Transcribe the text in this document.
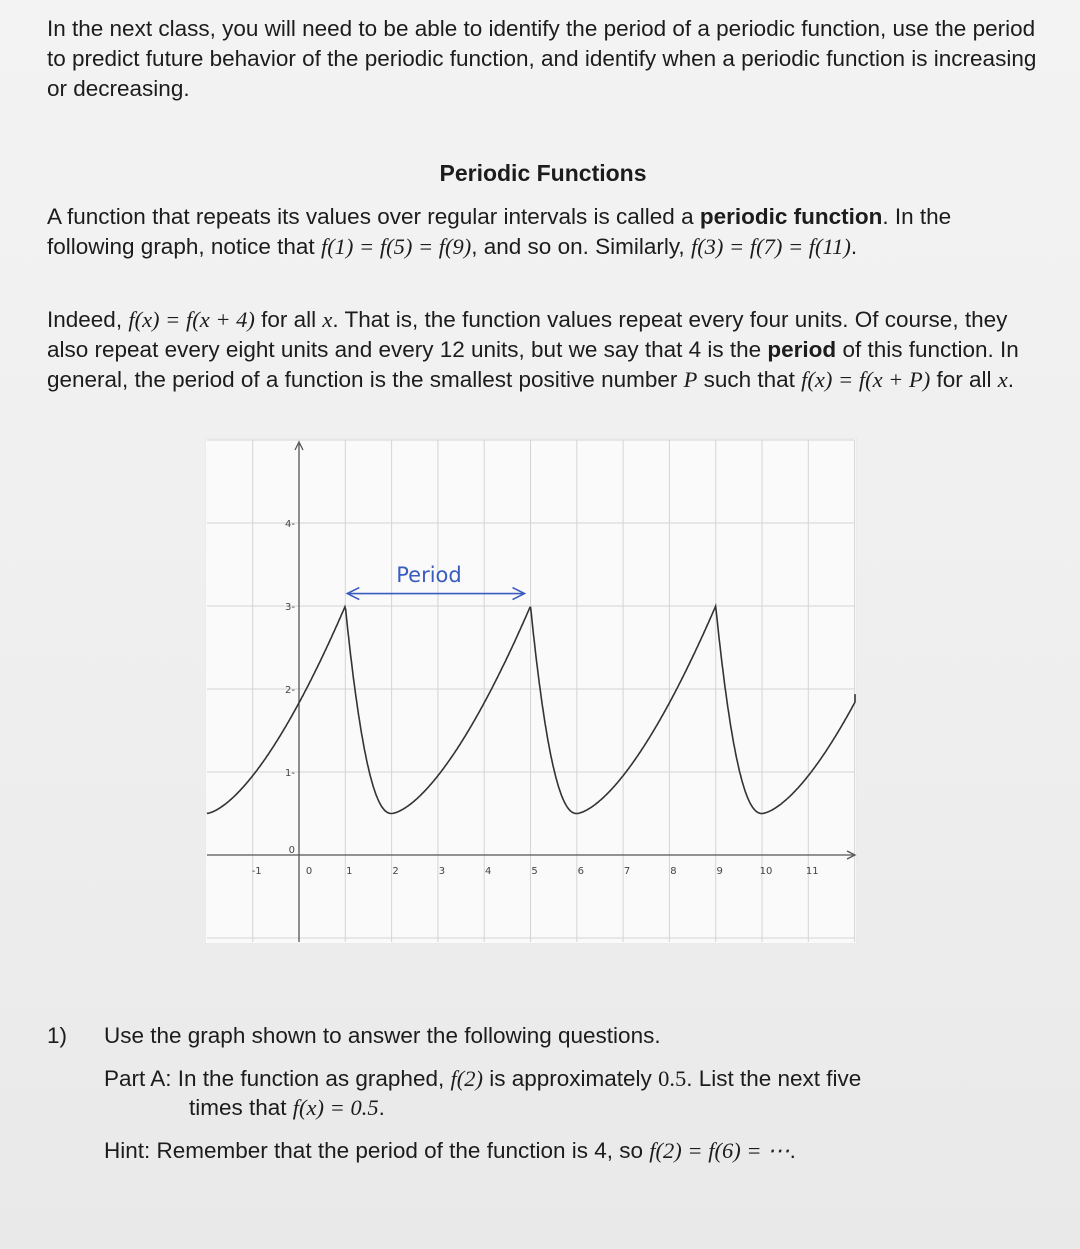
In the next class, you will need to be able to identify the period of a periodic function, use the period to predict future behavior of the periodic function, and identify when a periodic function is increasing or decreasing.

Periodic Functions

A function that repeats its values over regular intervals is called a periodic function. In the following graph, notice that f(1) = f(5) = f(9), and so on. Similarly, f(3) = f(7) = f(11).

Indeed, f(x) = f(x + 4) for all x. That is, the function values repeat every four units. Of course, they also repeat every eight units and every 12 units, but we say that 4 is the period of this function. In general, the period of a function is the smallest positive number P such that f(x) = f(x + P) for all x.

-1	0	1	2	3	4	5	6	7	8	9	10	11
0
1-
2-
3-
4-
Period

1) Use the graph shown to answer the following questions.

Part A: In the function as graphed, f(2) is approximately 0.5. List the next five

times that f(x) = 0.5.

Hint: Remember that the period of the function is 4, so f(2) = f(6) = ⋯.
